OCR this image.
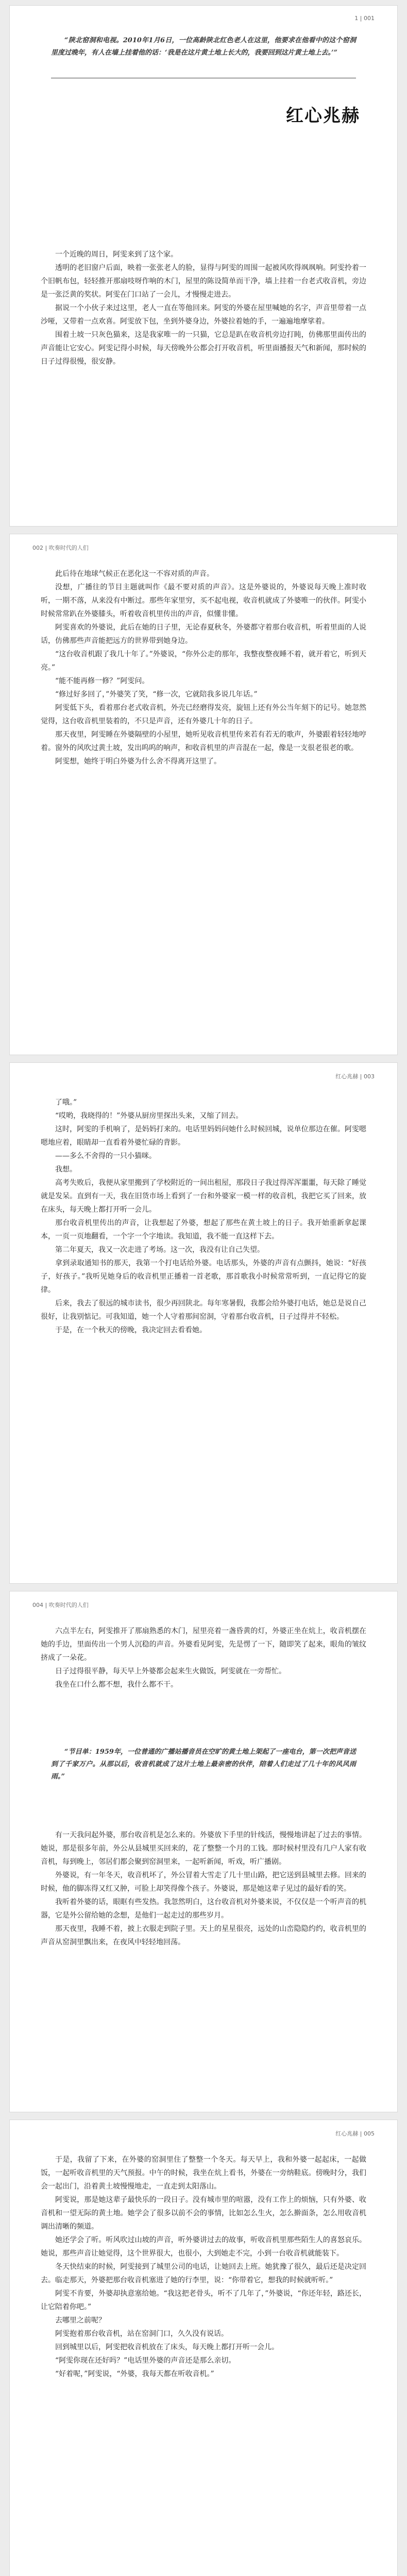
1 | 001

“陕北窑洞和电视。2010年1月6日，一位高龄陕北红色老人在这里，他要求在他看中的这个窑洞里度过晚年，有人在墙上挂着他的话：‘我是在这片黄土地上长大的，我要回到这片黄土地上去。’”

红心兆赫

一个近晚的周日，阿雯来到了这个家。

透明的老旧窗户后面，映着一张张老人的脸，显得与阿雯的周围一起被风吹得飒飒响。阿雯拎着一个旧帆布包，轻轻推开那扇吱呀作响的木门，屋里的陈设简单而干净，墙上挂着一台老式收音机，旁边是一张泛黄的奖状。阿雯在门口站了一会儿，才慢慢走进去。

据说一个小伙子来过这里，老人一直在等他回来。阿雯的外婆在屋里喊她的名字，声音里带着一点沙哑，又带着一点欢喜。阿雯放下包，坐到外婆身边，外婆拉着她的手，一遍遍地摩挲着。

围着土坡一只灰色猫来，这是我家唯一的一只猫，它总是趴在收音机旁边打盹，仿佛那里面传出的声音能让它安心。阿雯记得小时候，每天傍晚外公都会打开收音机，听里面播报天气和新闻，那时候的日子过得很慢，很安静。

002 | 吹奏时代的人们

此后待在地球气候正在恶化这一不容对质的声音。

没想，广播往的节目主题就叫作《最不要对质的声音》。这是外婆说的，外婆说每天晚上准时收听，一期不落，从来没有中断过。那些年家里穷，买不起电视，收音机就成了外婆唯一的伙伴。阿雯小时候常常趴在外婆膝头，听着收音机里传出的声音，似懂非懂。

阿雯喜欢的外婆说，此后在她的日子里，无论春夏秋冬，外婆都守着那台收音机，听着里面的人说话，仿佛那些声音能把远方的世界带到她身边。

“这台收音机跟了我几十年了。”外婆说，“你外公走的那年，我整夜整夜睡不着，就开着它，听到天亮。”

“能不能再修一修？”阿雯问。

“修过好多回了，”外婆笑了笑，“修一次，它就陪我多说几年话。”

阿雯低下头，看着那台老式收音机，外壳已经磨得发亮，旋钮上还有外公当年刻下的记号。她忽然觉得，这台收音机里装着的，不只是声音，还有外婆几十年的日子。

那天夜里，阿雯睡在外婆隔壁的小屋里，她听见收音机里传来若有若无的歌声，外婆跟着轻轻地哼着。窗外的风吹过黄土坡，发出呜呜的响声，和收音机里的声音混在一起，像是一支很老很老的歌。

阿雯想，她终于明白外婆为什么舍不得离开这里了。

红心兆赫 | 003

了哦。”

“哎哟，我晓得的！”外婆从厨房里探出头来，又缩了回去。

这时，阿雯的手机响了，是妈妈打来的。电话里妈妈问她什么时候回城，说单位那边在催。阿雯嗯嗯地应着，眼睛却一直看着外婆忙碌的背影。

——多么不舍得的一只小猫咪。

我想。

高考失败后，我便从家里搬到了学校附近的一间出租屋，那段日子我过得浑浑噩噩，每天除了睡觉就是发呆。直到有一天，我在旧货市场上看到了一台和外婆家一模一样的收音机，我把它买了回来，放在床头，每天晚上都打开听一会儿。

那台收音机里传出的声音，让我想起了外婆，想起了那些在黄土坡上的日子。我开始重新拿起课本，一页一页地翻看，一个字一个字地读。我知道，我不能一直这样下去。

第二年夏天，我又一次走进了考场。这一次，我没有让自己失望。

拿到录取通知书的那天，我第一个打电话给外婆。电话那头，外婆的声音有点颤抖，她说：“好孩子，好孩子。”我听见她身后的收音机里正播着一首老歌，那首歌我小时候常常听到，一直记得它的旋律。

后来，我去了很远的城市读书，很少再回陕北。每年寒暑假，我都会给外婆打电话，她总是说自己很好，让我别惦记。可我知道，她一个人守着那间窑洞，守着那台收音机，日子过得并不轻松。

于是，在一个秋天的傍晚，我决定回去看看她。

004 | 吹奏时代的人们

六点半左右，阿雯推开了那扇熟悉的木门，屋里亮着一盏昏黄的灯，外婆正坐在炕上，收音机摆在她的手边，里面传出一个男人沉稳的声音。外婆看见阿雯，先是愣了一下，随即笑了起来，眼角的皱纹挤成了一朵花。

日子过得很平静，每天早上外婆都会起来生火做饭，阿雯就在一旁帮忙。

我坐在口什么都不想，我什么都不干。

“节目单：1959年，一位普通的广播站播音员在空旷的黄土地上架起了一座电台，第一次把声音送到了千家万户。从那以后，收音机就成了这片土地上最亲密的伙伴，陪着人们走过了几十年的风风雨雨。”

有一天我问起外婆，那台收音机是怎么来的。外婆放下手里的针线活，慢慢地讲起了过去的事情。她说，那是很多年前，外公从县城里买回来的，花了整整一个月的工钱。那时候村里没有几户人家有收音机，每到晚上，邻居们都会聚到窑洞里来，一起听新闻，听戏，听广播剧。

外婆说，有一年冬天，收音机坏了，外公冒着大雪走了几十里山路，把它送到县城里去修。回来的时候，他的脚冻得又红又肿，可脸上却笑得像个孩子。外婆说，那是她这辈子见过的最好看的笑。

我听着外婆的话，眼眶有些发热。我忽然明白，这台收音机对外婆来说，不仅仅是一个听声音的机器，它是外公留给她的念想，是他们一起走过的那些岁月。

那天夜里，我睡不着，披上衣服走到院子里。天上的星星很亮，远处的山峦隐隐约约，收音机里的声音从窑洞里飘出来，在夜风中轻轻地回荡。

红心兆赫 | 005

于是，我留了下来，在外婆的窑洞里住了整整一个冬天。每天早上，我和外婆一起起床，一起做饭，一起听收音机里的天气预报。中午的时候，我坐在炕上看书，外婆在一旁纳鞋底。傍晚时分，我们会一起出门，沿着黄土坡慢慢地走，一直走到太阳落山。

阿雯说，那是她这辈子最快乐的一段日子。没有城市里的喧嚣，没有工作上的烦恼，只有外婆、收音机和一望无际的黄土地。她学会了很多以前不会的事情，比如怎么生火，怎么擀面条，怎么用收音机调出清晰的频道。

她还学会了听。听风吹过山坡的声音，听外婆讲过去的故事，听收音机里那些陌生人的喜怒哀乐。她说，那些声音让她觉得，这个世界很大，也很小，大到她走不完，小到一台收音机就能装下。

冬天快结束的时候，阿雯接到了城里公司的电话，让她回去上班。她犹豫了很久，最后还是决定回去。临走那天，外婆把那台收音机塞进了她的行李里，说：“你带着它，想我的时候就听听。”

阿雯不肯要，外婆却执意塞给她。“我这把老骨头，听不了几年了，”外婆说，“你还年轻，路还长，让它陪着你吧。”

去哪里之前呢？

阿雯抱着那台收音机，站在窑洞门口，久久没有说话。

回到城里以后，阿雯把收音机放在了床头，每天晚上都打开听一会儿。

“阿雯你现在还好吗？”电话里外婆的声音还是那么亲切。

“好着呢，”阿雯说，“外婆，我每天都在听收音机。”
